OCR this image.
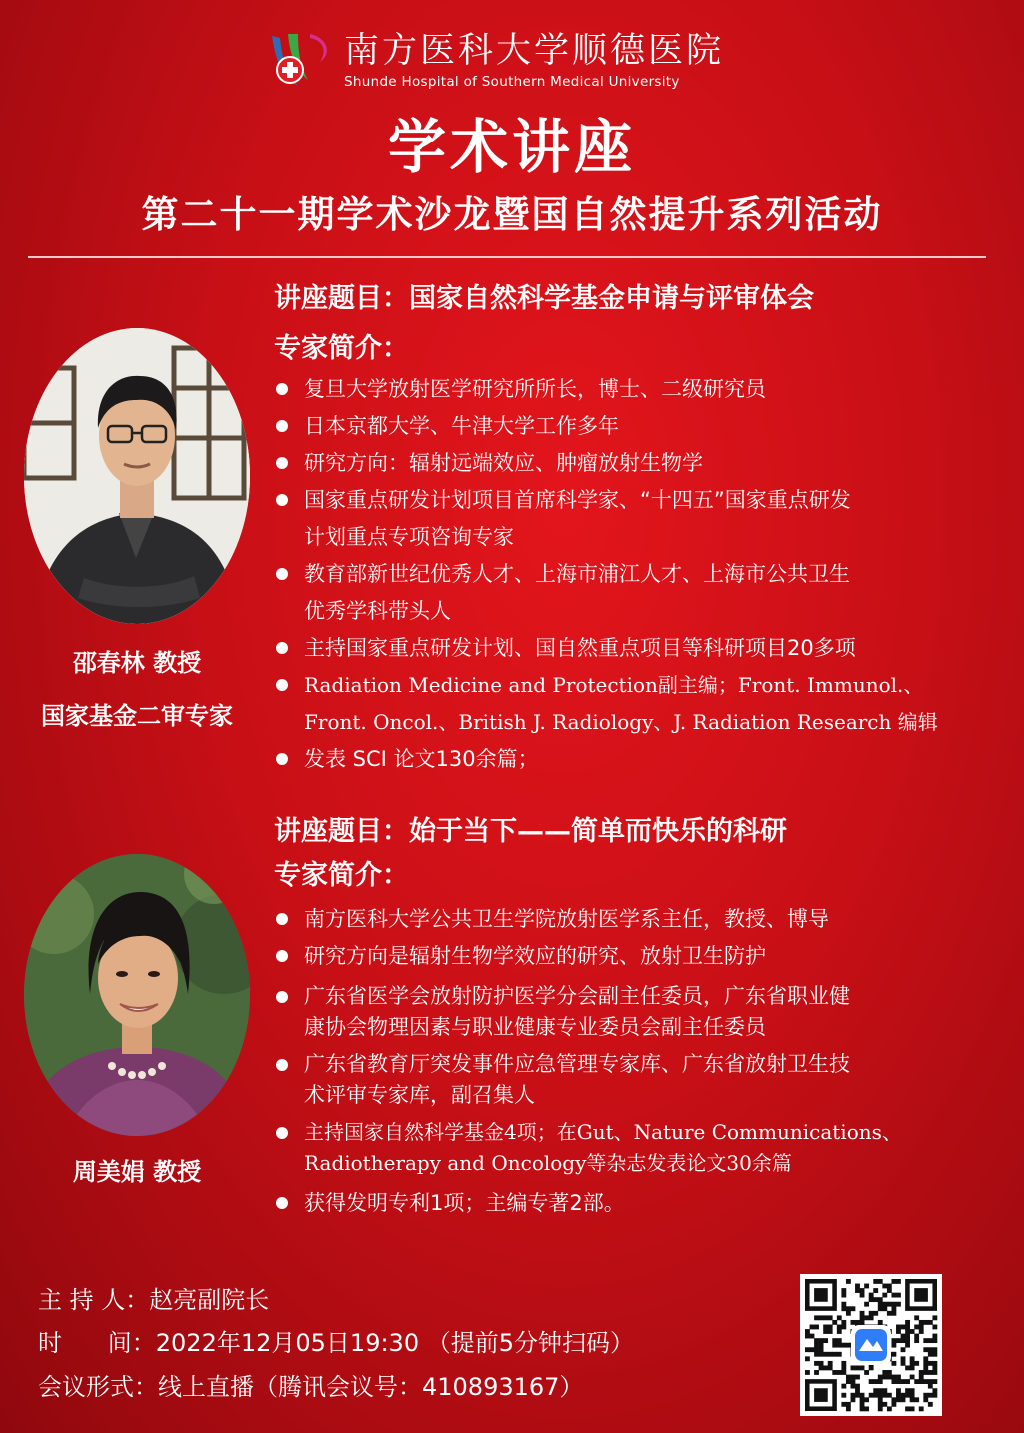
南方医科大学顺德医院
Shunde Hospital of Southern Medical University
学术讲座
第二十一期学术沙龙暨国自然提升系列活动
讲座题目：国家自然科学基金申请与评审体会
专家简介：
邵春林 教授
国家基金二审专家
复旦大学放射医学研究所所长，博士、二级研究员
日本京都大学、牛津大学工作多年
研究方向：辐射远端效应、肿瘤放射生物学
国家重点研发计划项目首席科学家、“十四五”国家重点研发
计划重点专项咨询专家
教育部新世纪优秀人才、上海市浦江人才、上海市公共卫生
优秀学科带头人
主持国家重点研发计划、国自然重点项目等科研项目20多项
Radiation Medicine and Protection副主编；Front. Immunol.、
Front. Oncol.、British J. Radiology、J. Radiation Research 编辑
发表 SCI 论文130余篇；
讲座题目：始于当下——简单而快乐的科研
专家简介：
周美娟 教授
南方医科大学公共卫生学院放射医学系主任，教授、博导
研究方向是辐射生物学效应的研究、放射卫生防护
广东省医学会放射防护医学分会副主任委员，广东省职业健
康协会物理因素与职业健康专业委员会副主任委员
广东省教育厅突发事件应急管理专家库、广东省放射卫生技
术评审专家库，副召集人
主持国家自然科学基金4项；在Gut、Nature Communications、
Radiotherapy and Oncology等杂志发表论文30余篇
获得发明专利1项；主编专著2部。
主 持 人：赵亮副院长
时      间：2022年12月05日19:30 （提前5分钟扫码）
会议形式：线上直播（腾讯会议号：410893167）
